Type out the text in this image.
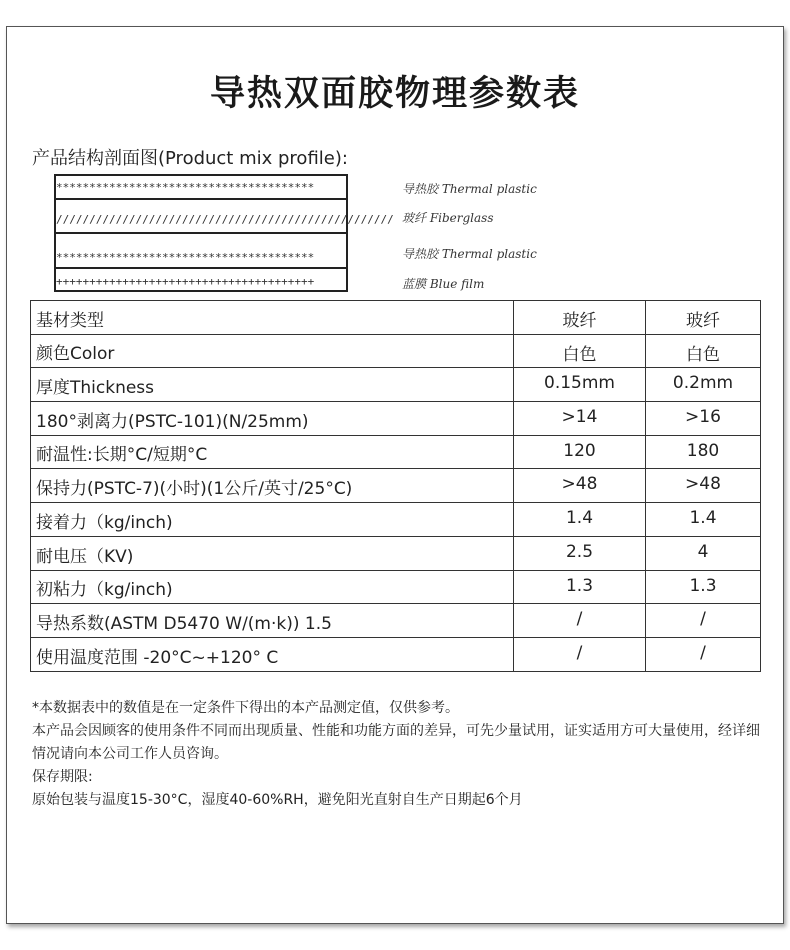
导热双面胶物理参数表
产品结构剖面图(Product mix profile):
***************************************
///////////////////////////////////////////////////
***************************************
+++++++++++++++++++++++++++++++++++++++
导热胶 Thermal plastic
玻纤 Fiberglass
导热胶 Thermal plastic
蓝膜 Blue film
基材类型	玻纤	玻纤
颜色Color	白色	白色
厚度Thickness	0.15mm	0.2mm
180°剥离力(PSTC-101)(N/25mm)	>14	>16
耐温性:长期°C/短期°C	120	180
保持力(PSTC-7)(小时)(1公斤/英寸/25°C)	>48	>48
接着力（kg/inch)	1.4	1.4
耐电压（KV)	2.5	4
初粘力（kg/inch)	1.3	1.3
导热系数(ASTM D5470 W/(m·k)) 1.5	/	/
使用温度范围 -20°C~+120° C	/	/

*本数据表中的数值是在一定条件下得出的本产品测定值，仅供参考。

本产品会因顾客的使用条件不同而出现质量、性能和功能方面的差异，可先少量试用，证实适用方可大量使用，经详细情况请向本公司工作人员咨询。

保存期限:

原始包装与温度15-30°C，湿度40-60%RH，避免阳光直射自生产日期起6个月
